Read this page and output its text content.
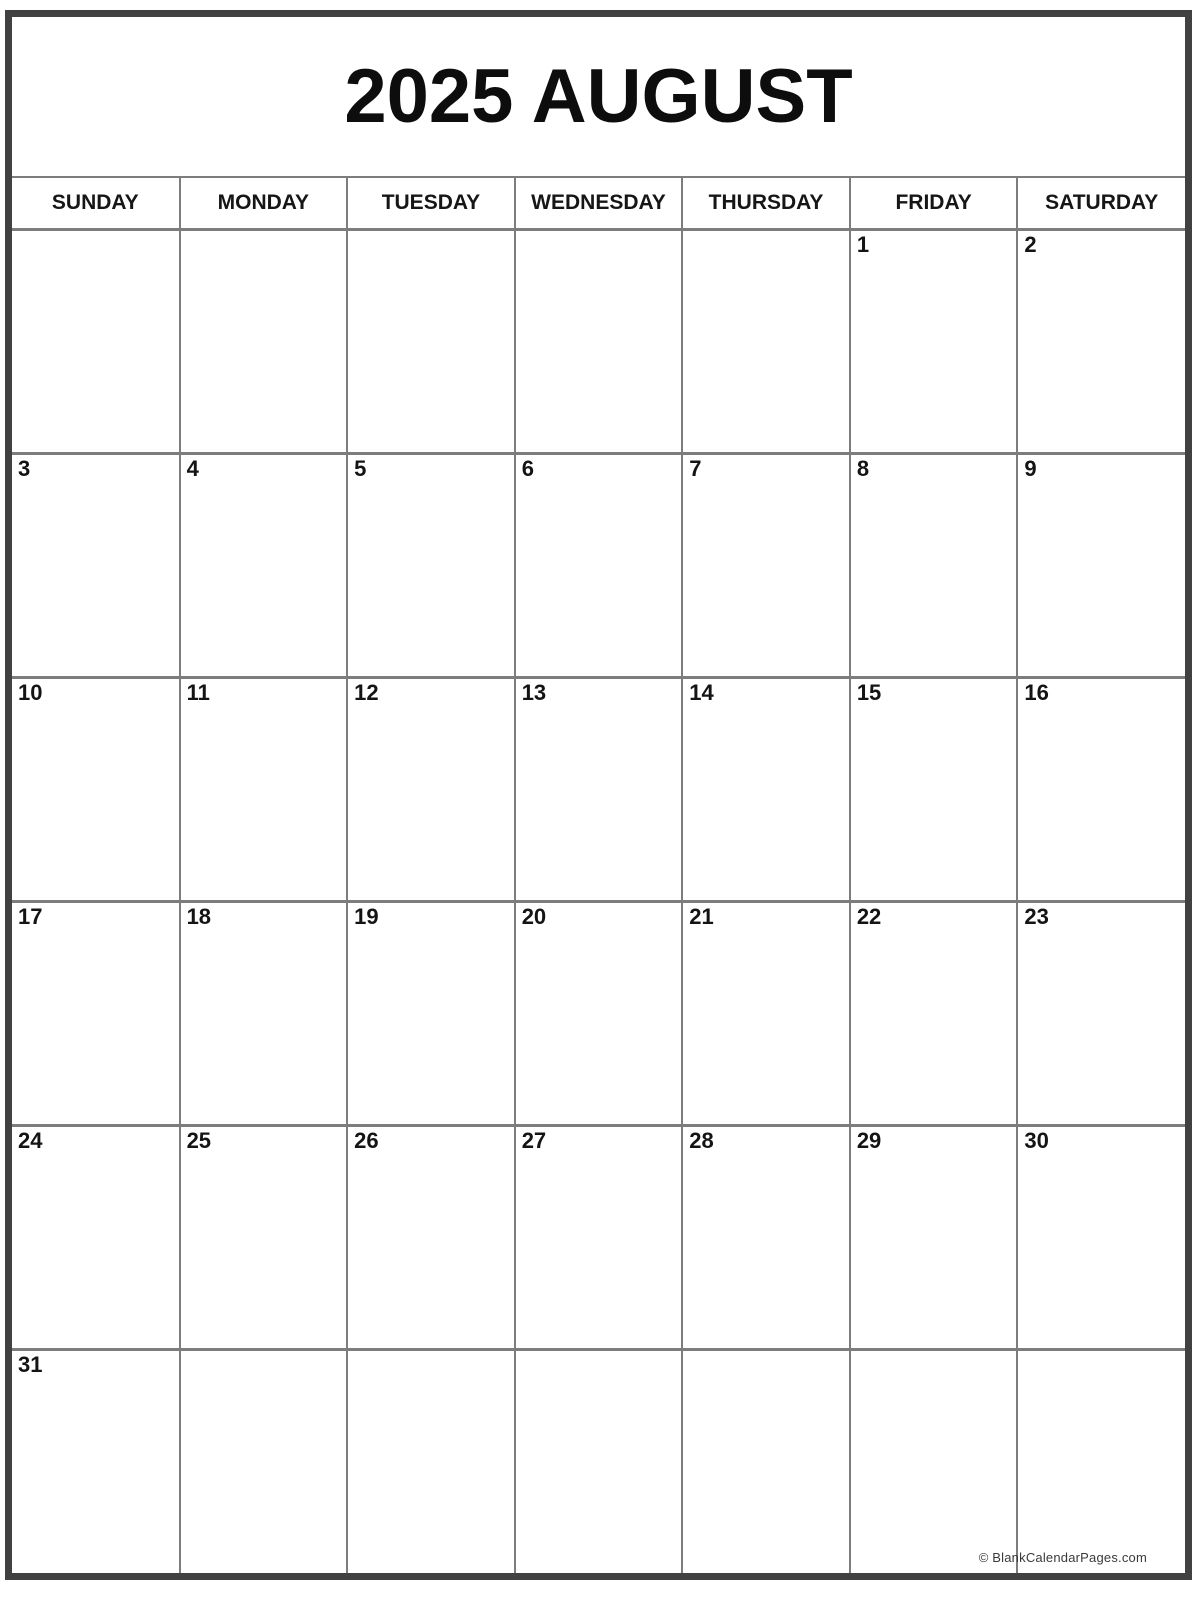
2025 AUGUST
SUNDAY	MONDAY	TUESDAY	WEDNESDAY	THURSDAY	FRIDAY	SATURDAY
					1	2
3	4	5	6	7	8	9
10	11	12	13	14	15	16
17	18	19	20	21	22	23
24	25	26	27	28	29	30
31						
© BlankCalendarPages.com
